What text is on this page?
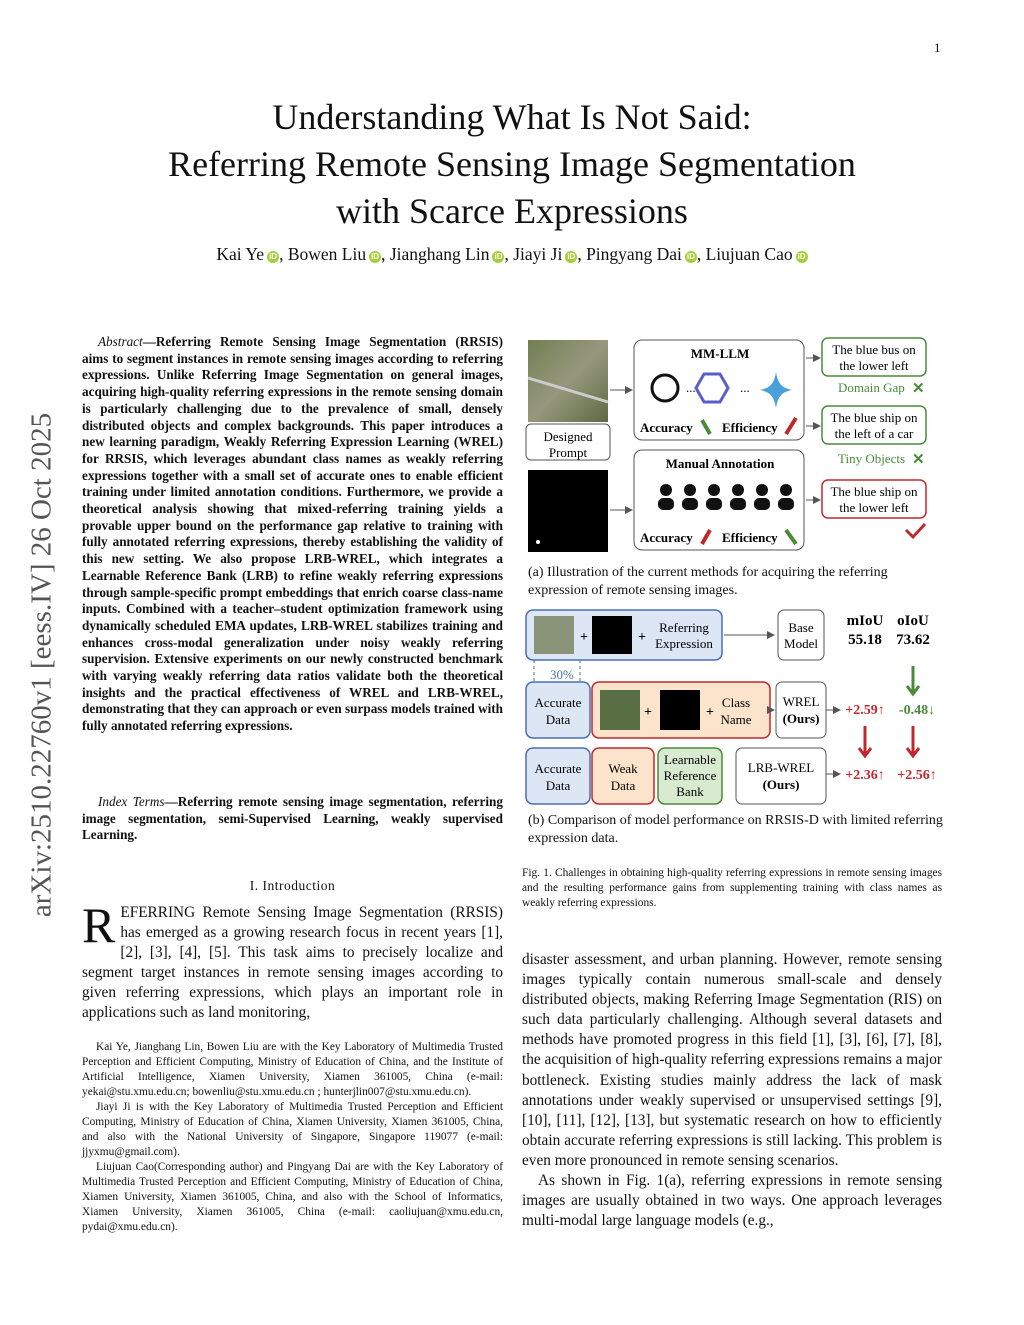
1
arXiv:2510.22760v1 [eess.IV] 26 Oct 2025
Understanding What Is Not Said:
Referring Remote Sensing Image Segmentation
with Scarce Expressions
Kai Ye iD , Bowen Liu iD , Jianghang Lin iD , Jiayi Ji iD , Pingyang Dai iD , Liujuan Cao iD
Abstract—Referring Remote Sensing Image Segmentation (RRSIS) aims to segment instances in remote sensing images according to referring expressions. Unlike Referring Image Segmentation on general images, acquiring high-quality referring expressions in the remote sensing domain is particularly challenging due to the prevalence of small, densely distributed objects and complex backgrounds. This paper introduces a new learning paradigm, Weakly Referring Expression Learning (WREL) for RRSIS, which leverages abundant class names as weakly referring expressions together with a small set of accurate ones to enable efficient training under limited annotation conditions. Furthermore, we provide a theoretical analysis showing that mixed-referring training yields a provable upper bound on the performance gap relative to training with fully annotated referring expressions, thereby establishing the validity of this new setting. We also propose LRB-WREL, which integrates a Learnable Reference Bank (LRB) to refine weakly referring expressions through sample-specific prompt embeddings that enrich coarse class-name inputs. Combined with a teacher–student optimization framework using dynamically scheduled EMA updates, LRB-WREL stabilizes training and enhances cross-modal generalization under noisy weakly referring supervision. Extensive experiments on our newly constructed benchmark with varying weakly referring data ratios validate both the theoretical insights and the practical effectiveness of WREL and LRB-WREL, demonstrating that they can approach or even surpass models trained with fully annotated referring expressions.
Index Terms—Referring remote sensing image segmentation, referring image segmentation, semi-Supervised Learning, weakly supervised Learning.
I. Introduction
REFERRING Remote Sensing Image Segmentation (RRSIS) has emerged as a growing research focus in recent years [1], [2], [3], [4], [5]. This task aims to precisely localize and segment target instances in remote sensing images according to given referring expressions, which plays an important role in applications such as land monitoring,

Kai Ye, Jianghang Lin, Bowen Liu are with the Key Laboratory of Multimedia Trusted Perception and Efficient Computing, Ministry of Education of China, and the Institute of Artificial Intelligence, Xiamen University, Xiamen 361005, China (e-mail: yekai@stu.xmu.edu.cn; bowenliu@stu.xmu.edu.cn ; hunterjlin007@stu.xmu.edu.cn).

Jiayi Ji is with the Key Laboratory of Multimedia Trusted Perception and Efficient Computing, Ministry of Education of China, Xiamen University, Xiamen 361005, China, and also with the National University of Singapore, Singapore 119077 (e-mail: jjyxmu@gmail.com).

Liujuan Cao(Corresponding author) and Pingyang Dai are with the Key Laboratory of Multimedia Trusted Perception and Efficient Computing, Ministry of Education of China, Xiamen University, Xiamen 361005, China, and also with the School of Informatics, Xiamen University, Xiamen 361005, China (e-mail: caoliujuan@xmu.edu.cn, pydai@xmu.edu.cn).

Designed
Prompt
MM-LLM
...	...
Accuracy Efficiency
Manual Annotation
Accuracy Efficiency
The blue bus on
the lower left
Domain Gap ✕
The blue ship on
the left of a car
Tiny Objects ✕
The blue ship on
the lower left
+	+
Referring
Expression
Base
Model
mIoU oIoU
55.18 73.62
30%
Accurate
Data	+	+
Class
Name
WREL
(Ours)
+2.59↑ -0.48↓
Accurate
Data
Weak
Data
Learnable
Reference
Bank
LRB-WREL
(Ours)
+2.36↑ +2.56↑
(a) Illustration of the current methods for acquiring the referring expression of remote sensing images.
(b) Comparison of model performance on RRSIS-D with limited referring expression data.
Fig. 1. Challenges in obtaining high-quality referring expressions in remote sensing images and the resulting performance gains from supplementing training with class names as weakly referring expressions.

disaster assessment, and urban planning. However, remote sensing images typically contain numerous small-scale and densely distributed objects, making Referring Image Segmentation (RIS) on such data particularly challenging. Although several datasets and methods have promoted progress in this field [1], [3], [6], [7], [8], the acquisition of high-quality referring expressions remains a major bottleneck. Existing studies mainly address the lack of mask annotations under weakly supervised or unsupervised settings [9], [10], [11], [12], [13], but systematic research on how to efficiently obtain accurate referring expressions is still lacking. This problem is even more pronounced in remote sensing scenarios.

As shown in Fig. 1(a), referring expressions in remote sensing images are usually obtained in two ways. One approach leverages multi-modal large language models (e.g.,
